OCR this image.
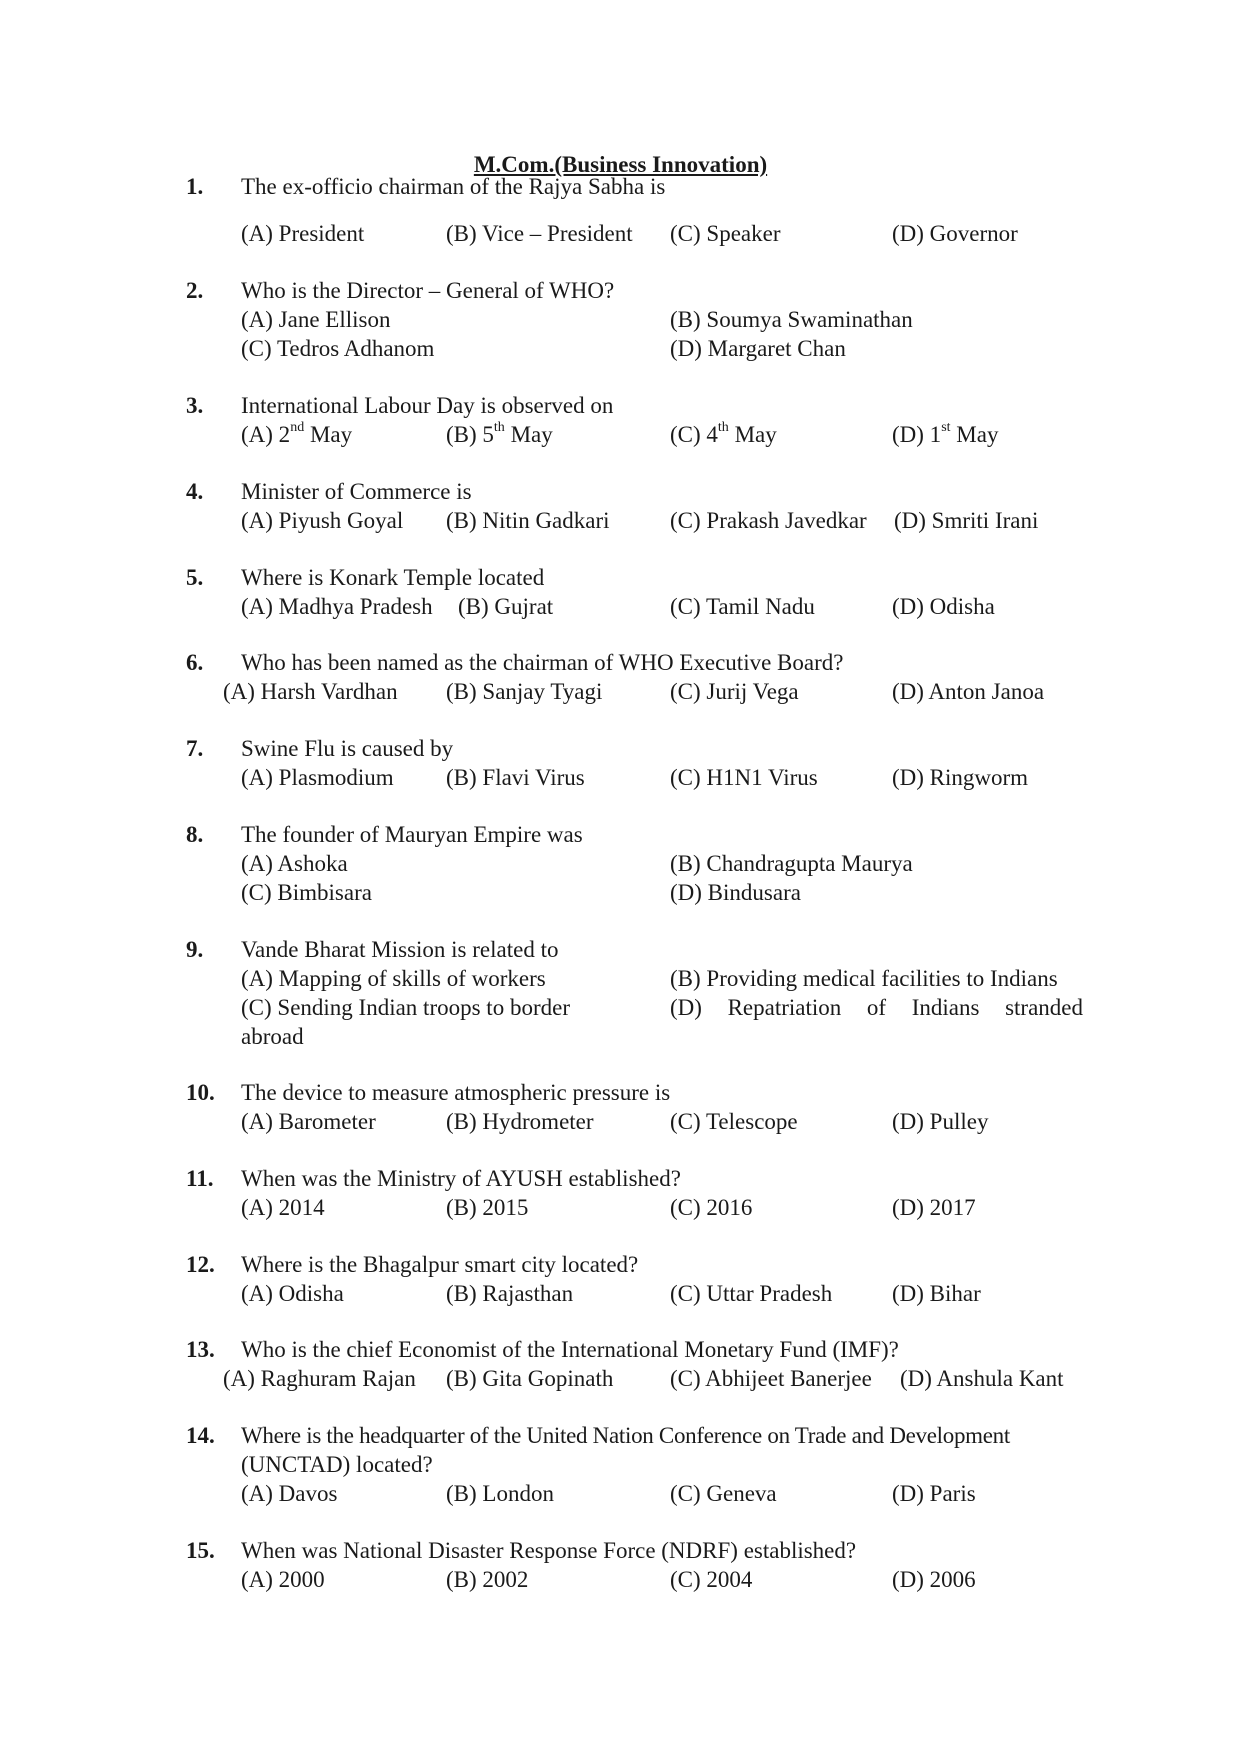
M.Com.(Business Innovation)
1. The ex-officio chairman of the Rajya Sabha is
(A) President	(B) Vice – President (C) Speaker	(D) Governor
2. Who is the Director – General of WHO?
(A) Jane Ellison	(B) Soumya Swaminathan
(C) Tedros Adhanom	(D) Margaret Chan
3. International Labour Day is observed on
(A) 2nd May	(B) 5th May	(C) 4th May	(D) 1st May
4. Minister of Commerce is
(A) Piyush Goyal (B) Nitin Gadkari	(C) Prakash Javedkar (D) Smriti Irani
5. Where is Konark Temple located
(A) Madhya Pradesh (B) Gujrat	(C) Tamil Nadu	(D) Odisha
6. Who has been named as the chairman of WHO Executive Board?
(A) Harsh Vardhan (B) Sanjay Tyagi	(C) Jurij Vega	(D) Anton Janoa
7. Swine Flu is caused by
(A) Plasmodium (B) Flavi Virus	(C) H1N1 Virus	(D) Ringworm
8. The founder of Mauryan Empire was
(A) Ashoka	(B) Chandragupta Maurya
(C) Bimbisara	(D) Bindusara
9. Vande Bharat Mission is related to
(A) Mapping of skills of workers	(B) Providing medical facilities to Indians
(C) Sending Indian troops to border	(D) Repatriation of Indians stranded
abroad
10. The device to measure atmospheric pressure is
(A) Barometer	(B) Hydrometer	(C) Telescope	(D) Pulley
11. When was the Ministry of AYUSH established?
(A) 2014	(B) 2015	(C) 2016	(D) 2017
12. Where is the Bhagalpur smart city located?
(A) Odisha	(B) Rajasthan	(C) Uttar Pradesh	(D) Bihar
13. Who is the chief Economist of the International Monetary Fund (IMF)?
(A) Raghuram Rajan (B) Gita Gopinath (C) Abhijeet Banerjee (D) Anshula Kant
14. Where is the headquarter of the United Nation Conference on Trade and Development
(UNCTAD) located?
(A) Davos	(B) London	(C) Geneva	(D) Paris
15. When was National Disaster Response Force (NDRF) established?
(A) 2000	(B) 2002	(C) 2004	(D) 2006
